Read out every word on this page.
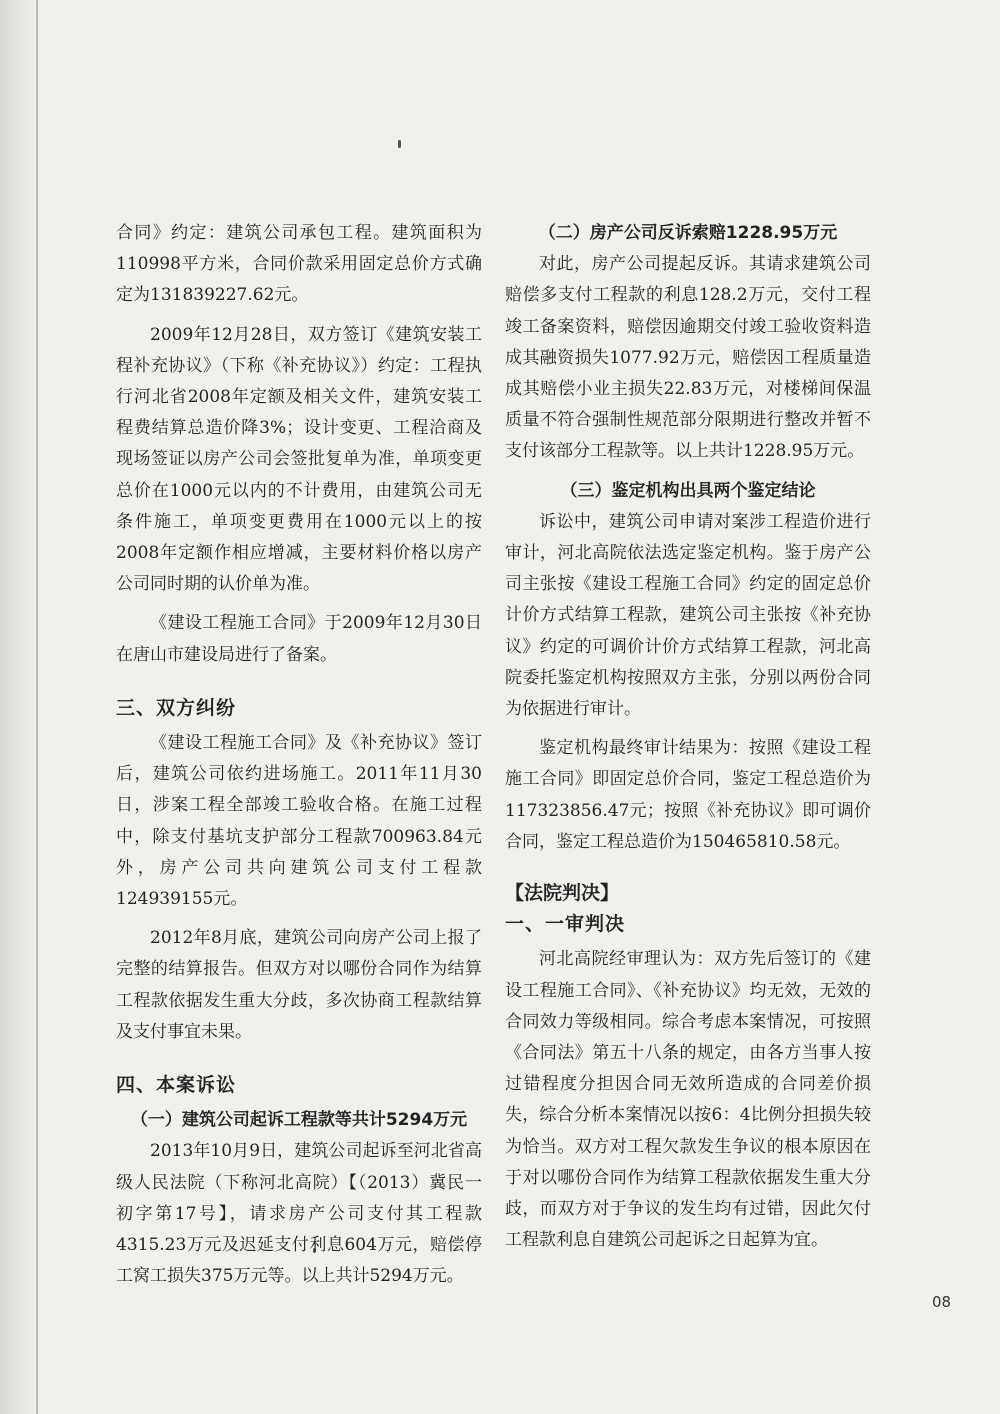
合同》约定：建筑公司承包工程。建筑面积为110998平方米，合同价款采用固定总价方式确定为131839227.62元。
2009年12月28日，双方签订《建筑安装工程补充协议》（下称《补充协议》）约定：工程执行河北省2008年定额及相关文件，建筑安装工程费结算总造价降3%；设计变更、工程洽商及现场签证以房产公司会签批复单为准，单项变更总价在1000元以内的不计费用，由建筑公司无条件施工，单项变更费用在1000元以上的按2008年定额作相应增减，主要材料价格以房产公司同时期的认价单为准。
《建设工程施工合同》于2009年12月30日在唐山市建设局进行了备案。
三、双方纠纷
《建设工程施工合同》及《补充协议》签订后，建筑公司依约进场施工。2011年11月30日，涉案工程全部竣工验收合格。在施工过程中，除支付基坑支护部分工程款700963.84元外，房产公司共向建筑公司支付工程款124939155元。
2012年8月底，建筑公司向房产公司上报了完整的结算报告。但双方对以哪份合同作为结算工程款依据发生重大分歧，多次协商工程款结算及支付事宜未果。
四、本案诉讼
（一）建筑公司起诉工程款等共计5294万元
2013年10月9日，建筑公司起诉至河北省高级人民法院（下称河北高院）【（2013）冀民一初字第17号】，请求房产公司支付其工程款4315.23万元及迟延支付利息604万元，赔偿停工窝工损失375万元等。以上共计5294万元。
（二）房产公司反诉索赔1228.95万元
对此，房产公司提起反诉。其请求建筑公司赔偿多支付工程款的利息128.2万元，交付工程竣工备案资料，赔偿因逾期交付竣工验收资料造成其融资损失1077.92万元，赔偿因工程质量造成其赔偿小业主损失22.83万元，对楼梯间保温质量不符合强制性规范部分限期进行整改并暂不支付该部分工程款等。以上共计1228.95万元。
（三）鉴定机构出具两个鉴定结论
诉讼中，建筑公司申请对案涉工程造价进行审计，河北高院依法选定鉴定机构。鉴于房产公司主张按《建设工程施工合同》约定的固定总价计价方式结算工程款，建筑公司主张按《补充协议》约定的可调价计价方式结算工程款，河北高院委托鉴定机构按照双方主张，分别以两份合同为依据进行审计。
鉴定机构最终审计结果为：按照《建设工程施工合同》即固定总价合同，鉴定工程总造价为117323856.47元；按照《补充协议》即可调价合同，鉴定工程总造价为150465810.58元。
【法院判决】
一、一审判决
河北高院经审理认为：双方先后签订的《建设工程施工合同》、《补充协议》均无效，无效的合同效力等级相同。综合考虑本案情况，可按照《合同法》第五十八条的规定，由各方当事人按过错程度分担因合同无效所造成的合同差价损失，综合分析本案情况以按6：4比例分担损失较为恰当。双方对工程欠款发生争议的根本原因在于对以哪份合同作为结算工程款依据发生重大分歧，而双方对于争议的发生均有过错，因此欠付工程款利息自建筑公司起诉之日起算为宜。
08
